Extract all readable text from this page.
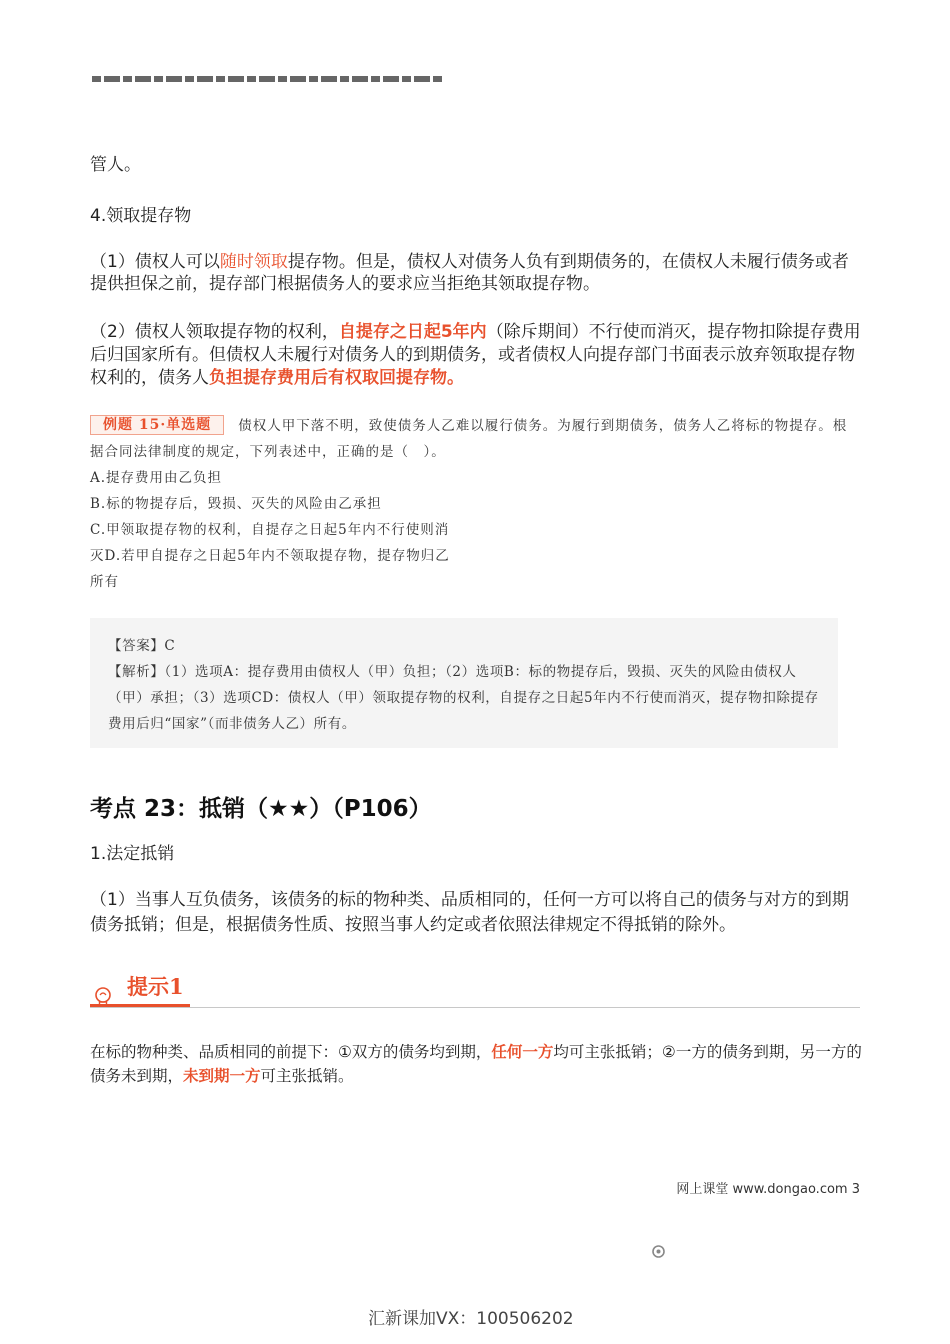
管人。
4.领取提存物
（1）债权人可以随时领取提存物。但是，债权人对债务人负有到期债务的，在债权人未履行债务或者提供担保之前，提存部门根据债务人的要求应当拒绝其领取提存物。
（2）债权人领取提存物的权利，自提存之日起5年内（除斥期间）不行使而消灭，提存物扣除提存费用后归国家所有。但债权人未履行对债务人的到期债务，或者债权人向提存部门书面表示放弃领取提存物权利的，债务人负担提存费用后有权取回提存物。
例题 15·单选题 债权人甲下落不明，致使债务人乙难以履行债务。为履行到期债务，债务人乙将标的物提存。根据合同法律制度的规定，下列表述中，正确的是（　）。
A.提存费用由乙负担
B.标的物提存后，毁损、灭失的风险由乙承担
C.甲领取提存物的权利，自提存之日起5年内不行使则消
灭D.若甲自提存之日起5年内不领取提存物，提存物归乙
所有
【答案】C
【解析】（1）选项A：提存费用由债权人（甲）负担；（2）选项B：标的物提存后，毁损、灭失的风险由债权人（甲）承担；（3）选项CD：债权人（甲）领取提存物的权利，自提存之日起5年内不行使而消灭，提存物扣除提存费用后归“国家”（而非债务人乙）所有。
考点 23：抵销（★★）（P106）
1.法定抵销
（1）当事人互负债务，该债务的标的物种类、品质相同的，任何一方可以将自己的债务与对方的到期债务抵销；但是，根据债务性质、按照当事人约定或者依照法律规定不得抵销的除外。
提示1
在标的物种类、品质相同的前提下：①双方的债务均到期，任何一方均可主张抵销；②一方的债务到期，另一方的债务未到期，未到期一方可主张抵销。
网上课堂 www.dongao.com 3
汇新课加VX：100506202
